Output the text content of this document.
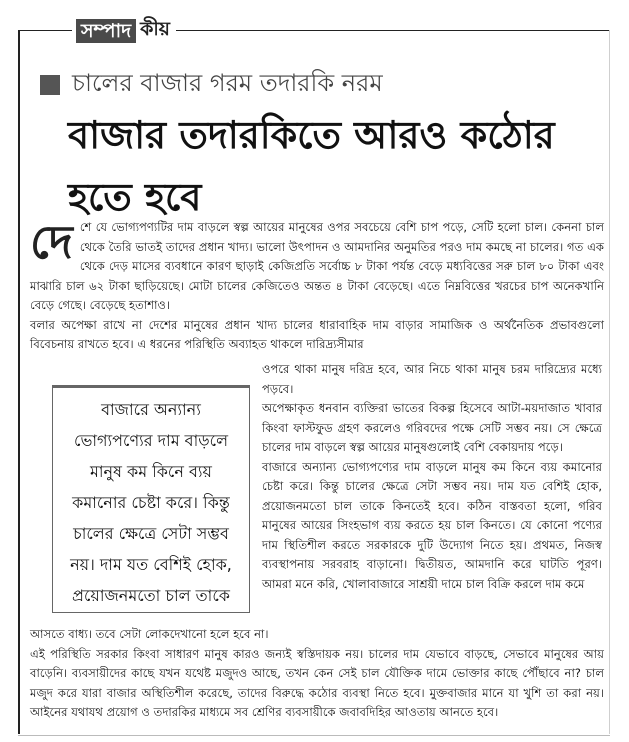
সম্পাদ কীয়
চালের বাজার গরম তদারকি নরম
বাজার তদারকিতে আরও কঠোর হতে হবে

দেশে যে ভোগ্যপণ্যটির দাম বাড়লে স্বল্প আয়ের মানুষের ওপর সবচেয়ে বেশি চাপ পড়ে, সেটি হলো চাল। কেননা চাল থেকে তৈরি ভাতই তাদের প্রধান খাদ্য। ভালো উৎপাদন ও আমদানির অনুমতির পরও দাম কমছে না চালের। গত এক থেকে দেড় মাসের ব্যবধানে কারণ ছাড়াই কেজিপ্রতি সর্বোচ্চ ৮ টাকা পর্যন্ত বেড়ে মধ্যবিত্তের সরু চাল ৮০ টাকা এবং মাঝারি চাল ৬২ টাকা ছাড়িয়েছে। মোটা চালের কেজিতেও অন্তত ৪ টাকা বেড়েছে। এতে নিম্নবিত্তের খরচের চাপ অনেকখানি বেড়ে গেছে। বেড়েছে হতাশাও।

বলার অপেক্ষা রাখে না দেশের মানুষের প্রধান খাদ্য চালের ধারাবাহিক দাম বাড়ার সামাজিক ও অর্থনৈতিক প্রভাবগুলো বিবেচনায় রাখতে হবে। এ ধরনের পরিস্থিতি অব্যাহত থাকলে দারিদ্র্যসীমার

বাজারে অন্যান্য ভোগ্যপণ্যের দাম বাড়লে মানুষ কম কিনে ব্যয় কমানোর চেষ্টা করে। কিন্তু চালের ক্ষেত্রে সেটা সম্ভব নয়। দাম যত বেশিই হোক, প্রয়োজনমতো চাল তাকে

ওপরে থাকা মানুষ দরিদ্র হবে, আর নিচে থাকা মানুষ চরম দারিদ্র্যের মধ্যে পড়বে।

অপেক্ষাকৃত ধনবান ব্যক্তিরা ভাতের বিকল্প হিসেবে আটা-ময়দাজাত খাবার কিংবা ফাস্টফুড গ্রহণ করলেও গরিবদের পক্ষে সেটি সম্ভব নয়। সে ক্ষেত্রে চালের দাম বাড়লে স্বল্প আয়ের মানুষগুলোই বেশি বেকায়দায় পড়ে।

বাজারে অন্যান্য ভোগ্যপণ্যের দাম বাড়লে মানুষ কম কিনে ব্যয় কমানোর চেষ্টা করে। কিন্তু চালের ক্ষেত্রে সেটা সম্ভব নয়। দাম যত বেশিই হোক, প্রয়োজনমতো চাল তাকে কিনতেই হবে। কঠিন বাস্তবতা হলো, গরিব মানুষের আয়ের সিংহভাগ ব্যয় করতে হয় চাল কিনতে। যে কোনো পণ্যের দাম স্থিতিশীল করতে সরকারকে দুটি উদ্যোগ নিতে হয়। প্রথমত, নিজস্ব ব্যবস্থাপনায় সরবরাহ বাড়ানো। দ্বিতীয়ত, আমদানি করে ঘাটতি পূরণ। আমরা মনে করি, খোলাবাজারে সাশ্রয়ী দামে চাল বিক্রি করলে দাম কমে

আসতে বাধ্য। তবে সেটা লোকদেখানো হলে হবে না।

এই পরিস্থিতি সরকার কিংবা সাধারণ মানুষ কারও জন্যই স্বস্তিদায়ক নয়। চালের দাম যেভাবে বাড়ছে, সেভাবে মানুষের আয় বাড়েনি। ব্যবসায়ীদের কাছে যখন যথেষ্ট মজুদও আছে, তখন কেন সেই চাল যৌক্তিক দামে ভোক্তার কাছে পৌঁছাবে না? চাল মজুদ করে যারা বাজার অস্থিতিশীল করেছে, তাদের বিরুদ্ধে কঠোর ব্যবস্থা নিতে হবে। মুক্তবাজার মানে যা খুশি তা করা নয়। আইনের যথাযথ প্রয়োগ ও তদারকির মাধ্যমে সব শ্রেণির ব্যবসায়ীকে জবাবদিহির আওতায় আনতে হবে।
